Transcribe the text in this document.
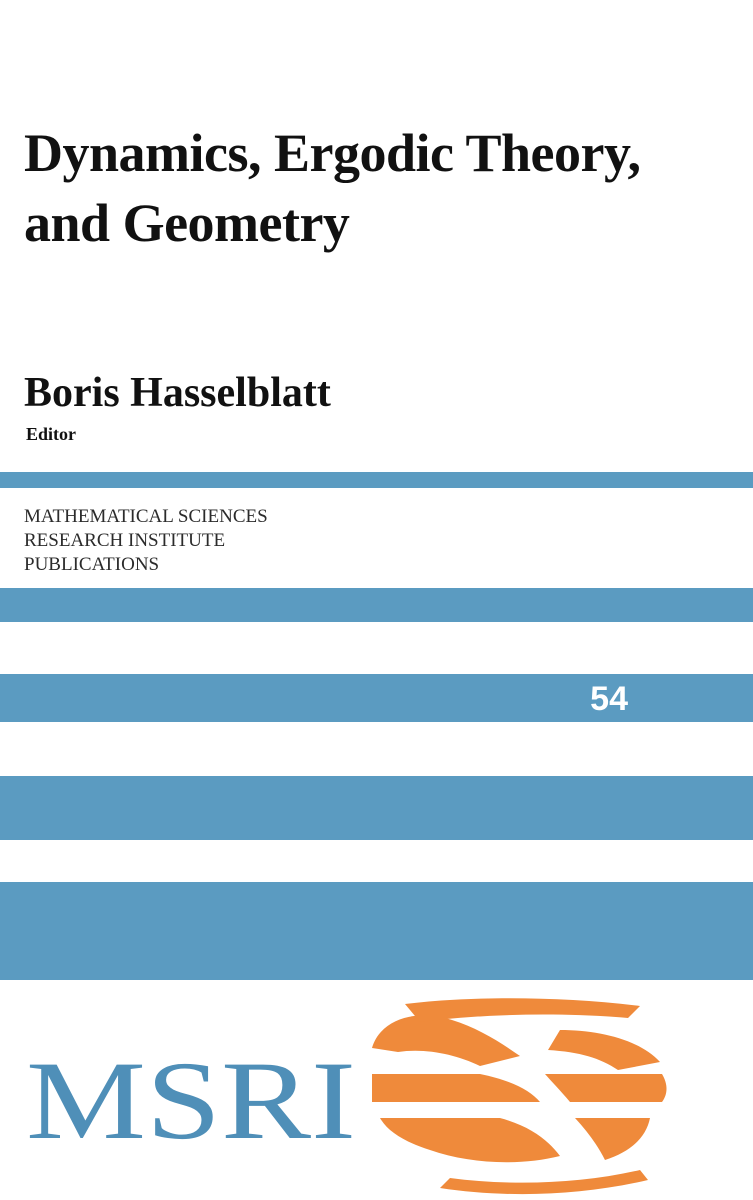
Dynamics, Ergodic Theory,
and Geometry
Boris Hasselblatt
Editor
MATHEMATICAL SCIENCES
RESEARCH INSTITUTE
PUBLICATIONS
54
MSRI
